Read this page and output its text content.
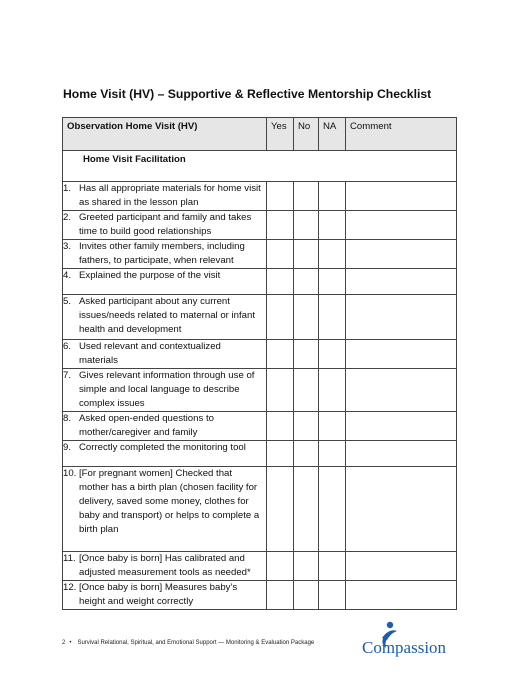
Home Visit (HV) – Supportive & Reflective Mentorship Checklist
Observation Home Visit (HV)	Yes	No	NA	Comment
Home Visit Facilitation				
1. Has all appropriate materials for home visit as shared in the lesson plan				
2. Greeted participant and family and takes time to build good relationships				
3. Invites other family members, including fathers, to participate, when relevant				
4. Explained the purpose of the visit				
5. Asked participant about any current issues/needs related to maternal or infant health and development				
6. Used relevant and contextualized materials				
7. Gives relevant information through use of simple and local language to describe complex issues				
8. Asked open-ended questions to mother/caregiver and family				
9. Correctly completed the monitoring tool				
10. [For pregnant women] Checked that mother has a birth plan (chosen facility for delivery, saved some money, clothes for baby and transport) or helps to complete a birth plan				
11. [Once baby is born] Has calibrated and adjusted measurement tools as needed*				
12. [Once baby is born] Measures baby’s height and weight correctly				
2 • Survival Relational, Spiritual, and Emotional Support — Monitoring & Evaluation Package	Compassion
